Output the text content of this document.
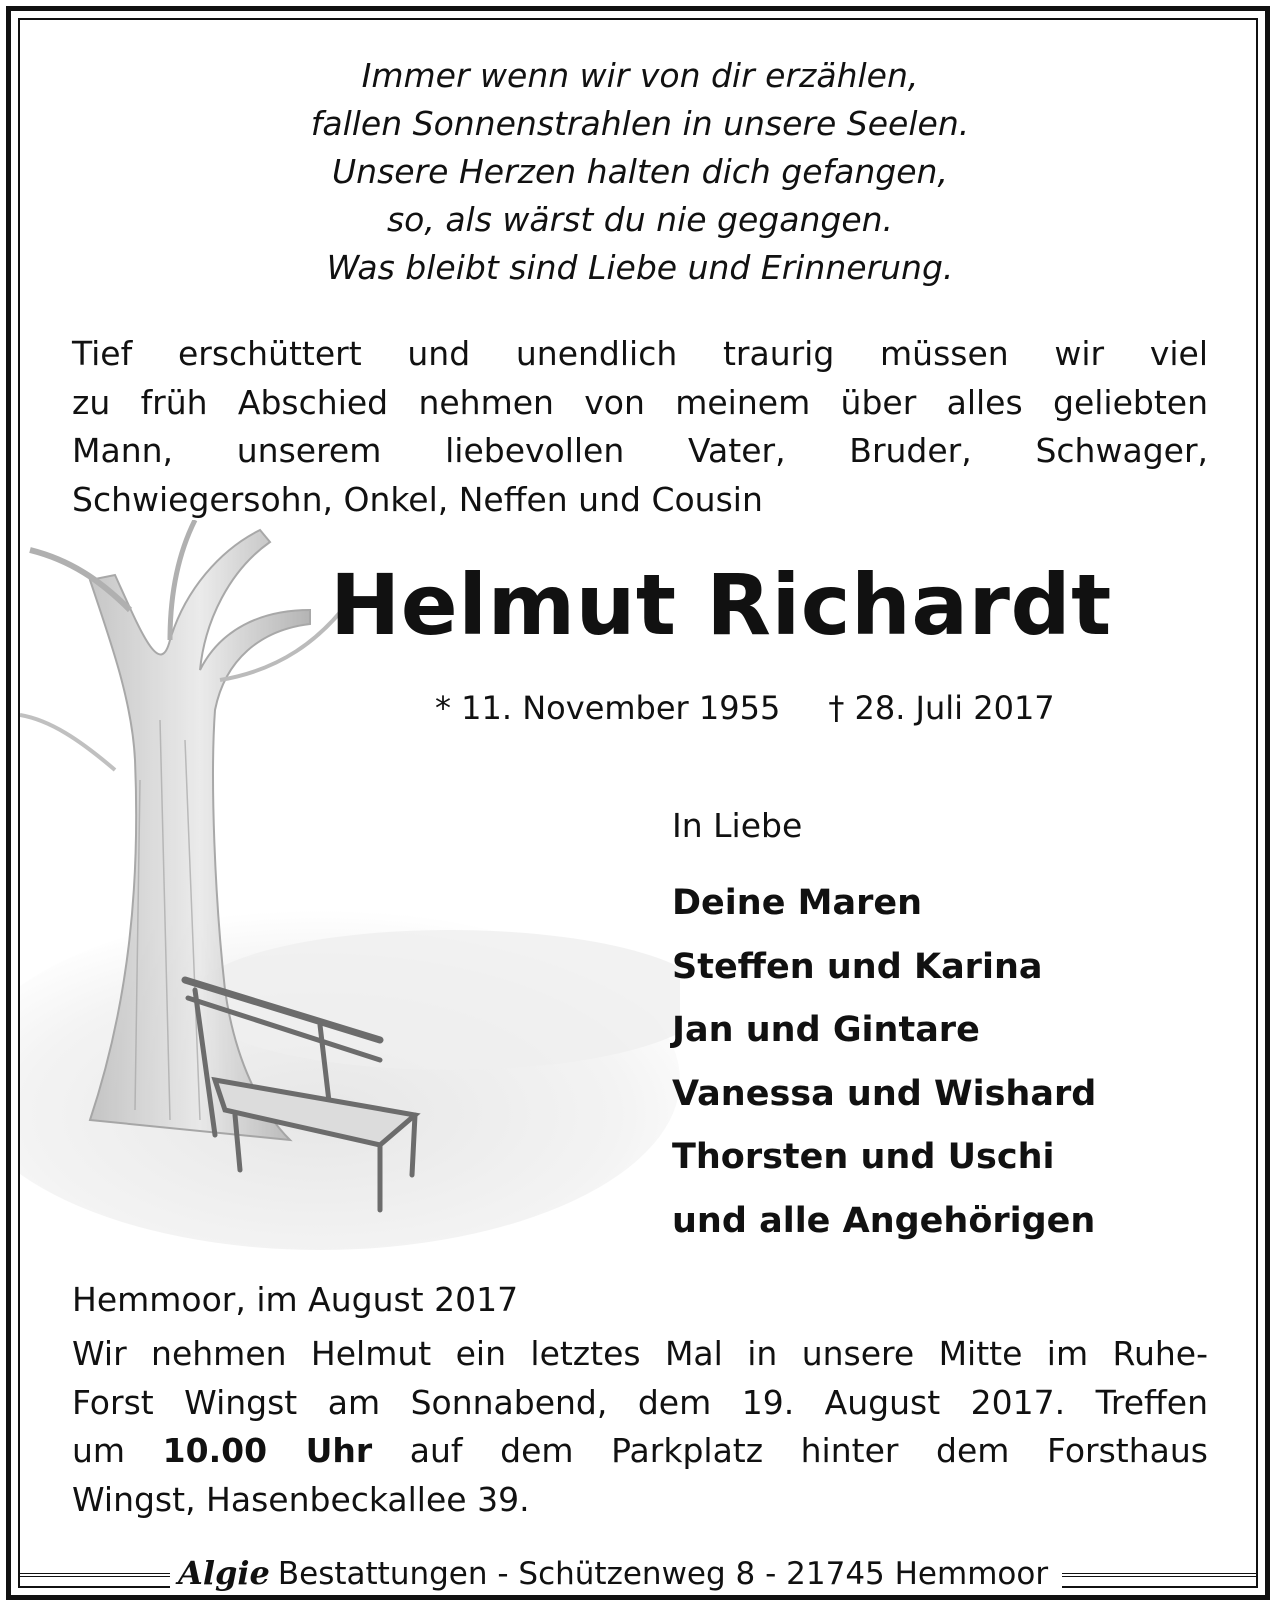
Immer wenn wir von dir erzählen,
fallen Sonnenstrahlen in unsere Seelen.
Unsere Herzen halten dich gefangen,
so, als wärst du nie gegangen.
Was bleibt sind Liebe und Erinnerung.
Tief erschüttert und unendlich traurig müssen wir viel
zu früh Abschied nehmen von meinem über alles geliebten
Mann, unserem liebevollen Vater, Bruder, Schwager,
Schwiegersohn, Onkel, Neffen und Cousin
Helmut Richardt
* 11. November 1955 † 28. Juli 2017
In Liebe
Deine Maren
Steffen und Karina
Jan und Gintare
Vanessa und Wishard
Thorsten und Uschi
und alle Angehörigen
Hemmoor, im August 2017
Wir nehmen Helmut ein letztes Mal in unsere Mitte im Ruhe-
Forst Wingst am Sonnabend, dem 19. August 2017. Treffen
um 10.00 Uhr auf dem Parkplatz hinter dem Forsthaus
Wingst, Hasenbeckallee 39.
Algie Bestattungen - Schützenweg 8 - 21745 Hemmoor
